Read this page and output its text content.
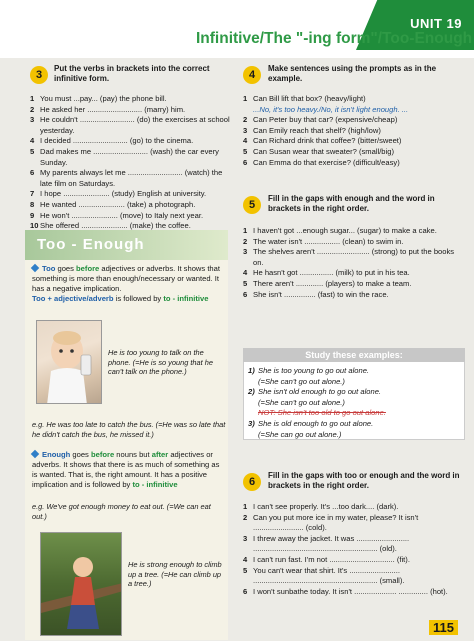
UNIT 19
Infinitive/The "-ing form"/Too-Enough
3
Put the verbs in brackets into the correct infinitive form.
1 You must ...pay... (pay) the phone bill.
2 He asked her .......................... (marry) him.
3 He couldn't .......................... (do) the exercises at school yesterday.
4 I decided .......................... (go) to the cinema.
5 Dad makes me .......................... (wash) the car every Sunday.
6 My parents always let me .......................... (watch) the late film on Saturdays.
7 I hope ...................... (study) English at university.
8 He wanted ...................... (take) a photograph.
9 He won't ...................... (move) to Italy next year.
10 She offered ...................... (make) the coffee.
4
Make sentences using the prompts as in the example.
1 Can Bill lift that box? (heavy/light)
...No, it's too heavy./No, it isn't light enough. ...
2 Can Peter buy that car? (expensive/cheap)
3 Can Emily reach that shelf? (high/low)
4 Can Richard drink that coffee? (bitter/sweet)
5 Can Susan wear that sweater? (small/big)
6 Can Emma do that exercise? (difficult/easy)
5
Fill in the gaps with enough and the word in brackets in the right order.
1 I haven't got ...enough sugar... (sugar) to make a cake.
2 The water isn't ................. (clean) to swim in.
3 The shelves aren't ......................... (strong) to put the books on.
4 He hasn't got ................ (milk) to put in his tea.
5 There aren't ............. (players) to make a team.
6 She isn't ............... (fast) to win the race.
Too - Enough
Too goes before adjectives or adverbs. It shows that something is more than enough/necessary or wanted. It has a negative implication.
Too + adjective/adverb is followed by to - infinitive
He is too young to talk on the phone. (=He is so young that he can't talk on the phone.)
e.g. He was too late to catch the bus. (=He was so late that he didn't catch the bus, he missed it.)
Enough goes before nouns but after adjectives or adverbs. It shows that there is as much of something as is wanted. That is, the right amount. It has a positive implication and is followed by to - infinitive
e.g. We've got enough money to eat out. (=We can eat out.)
He is strong enough to climb up a tree. (=He can climb up a tree.)
Study these examples:
1) She is too young to go out alone.
(=She can't go out alone.)
2) She isn't old enough to go out alone.
(=She can't go out alone.)
NOT: She isn't too old to go out alone.
3) She is old enough to go out alone.
(=She can go out alone.)
6
Fill in the gaps with too or enough and the word in brackets in the right order.
1 I can't see properly. It's ...too dark.... (dark).
2 Can you put more ice in my water, please? It isn't ........................ (cold).
3 I threw away the jacket. It was ......................... ........................................................... (old).
4 I can't run fast. I'm not ............................... (fit).
5 You can't wear that shirt. It's ........................ ........................................................... (small).
6 I won't sunbathe today. It isn't .................... .............. (hot).
115
